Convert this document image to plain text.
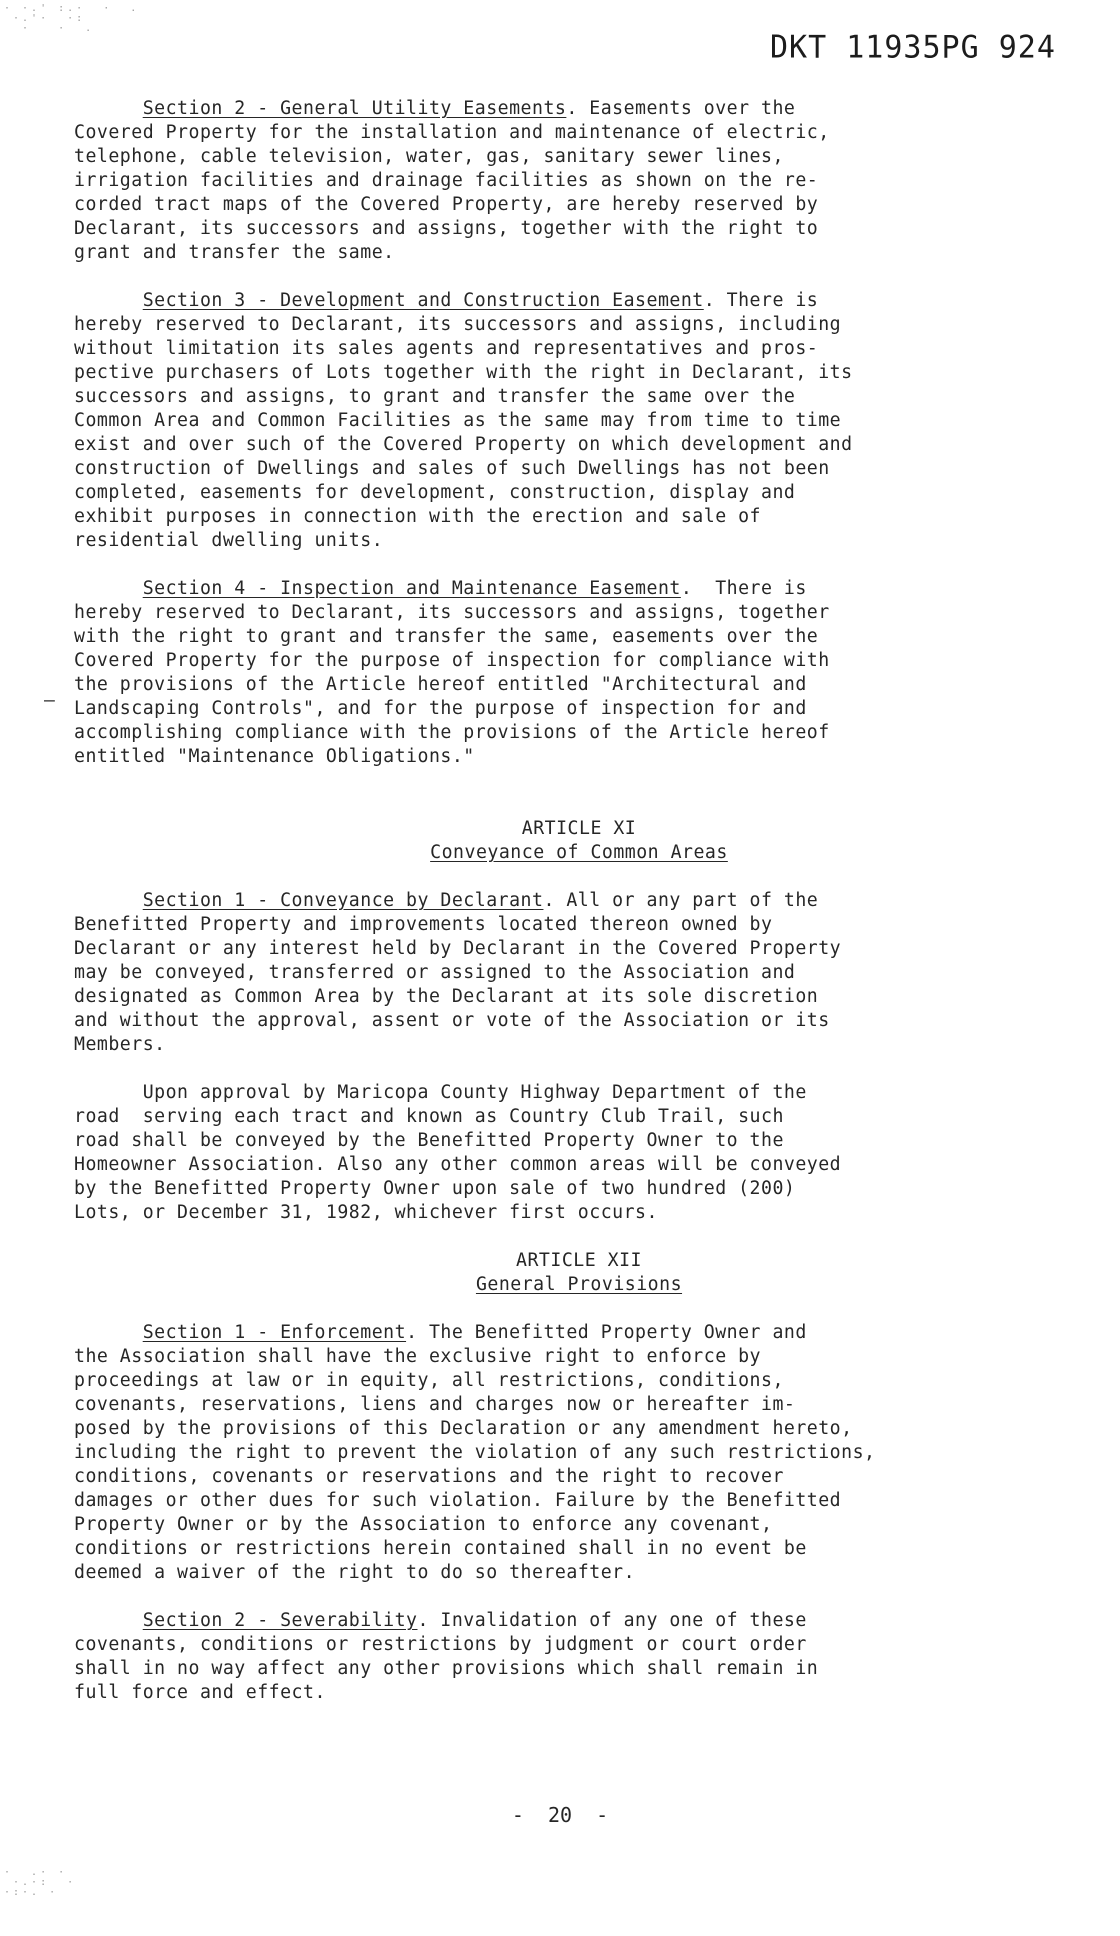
· ·.' :.·  ·  .
·.'·  ·:
·   ·  .
·  .· ·
·.·:  ·
·:·. ·
DKT 11935PG 924
–

Section 2 - General Utility Easements. Easements over the
Covered Property for the installation and maintenance of electric,
telephone, cable television, water, gas, sanitary sewer lines,
irrigation facilities and drainage facilities as shown on the re-
corded tract maps of the Covered Property, are hereby reserved by
Declarant, its successors and assigns, together with the right to
grant and transfer the same.

Section 3 - Development and Construction Easement. There is
hereby reserved to Declarant, its successors and assigns, including
without limitation its sales agents and representatives and pros-
pective purchasers of Lots together with the right in Declarant, its
successors and assigns, to grant and transfer the same over the
Common Area and Common Facilities as the same may from time to time
exist and over such of the Covered Property on which development and
construction of Dwellings and sales of such Dwellings has not been
completed, easements for development, construction, display and
exhibit purposes in connection with the erection and sale of
residential dwelling units.

Section 4 - Inspection and Maintenance Easement.  There is
hereby reserved to Declarant, its successors and assigns, together
with the right to grant and transfer the same, easements over the
Covered Property for the purpose of inspection for compliance with
the provisions of the Article hereof entitled "Architectural and
Landscaping Controls", and for the purpose of inspection for and
accomplishing compliance with the provisions of the Article hereof
entitled "Maintenance Obligations."

ARTICLE XI

Conveyance of Common Areas

Section 1 - Conveyance by Declarant. All or any part of the
Benefitted Property and improvements located thereon owned by
Declarant or any interest held by Declarant in the Covered Property
may be conveyed, transferred or assigned to the Association and
designated as Common Area by the Declarant at its sole discretion
and without the approval, assent or vote of the Association or its
Members.

Upon approval by Maricopa County Highway Department of the
road  serving each tract and known as Country Club Trail, such
road shall be conveyed by the Benefitted Property Owner to the
Homeowner Association. Also any other common areas will be conveyed
by the Benefitted Property Owner upon sale of two hundred (200)
Lots, or December 31, 1982, whichever first occurs.

ARTICLE XII

General Provisions

Section 1 - Enforcement. The Benefitted Property Owner and
the Association shall have the exclusive right to enforce by
proceedings at law or in equity, all restrictions, conditions,
covenants, reservations, liens and charges now or hereafter im-
posed by the provisions of this Declaration or any amendment hereto,
including the right to prevent the violation of any such restrictions,
conditions, covenants or reservations and the right to recover
damages or other dues for such violation. Failure by the Benefitted
Property Owner or by the Association to enforce any covenant,
conditions or restrictions herein contained shall in no event be
deemed a waiver of the right to do so thereafter.

Section 2 - Severability. Invalidation of any one of these
covenants, conditions or restrictions by judgment or court order
shall in no way affect any other provisions which shall remain in
full force and effect.

-  20  -
